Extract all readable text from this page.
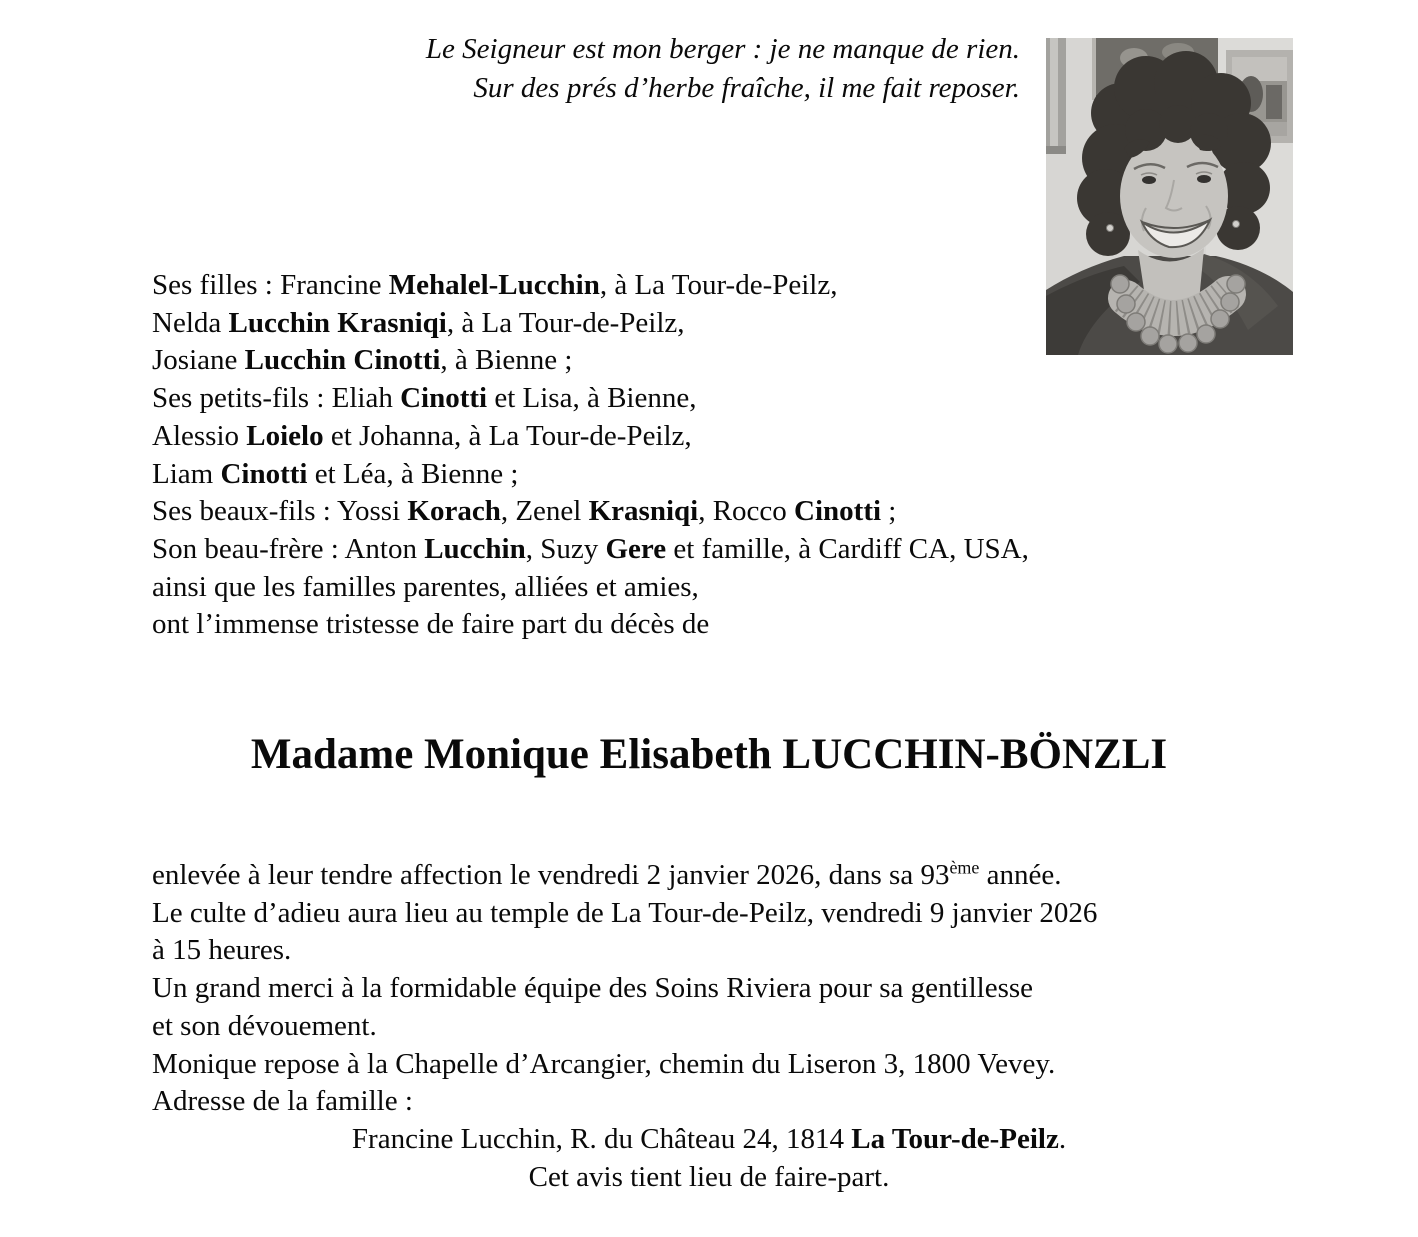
Le Seigneur est mon berger : je ne manque de rien.
Sur des prés d’herbe fraîche, il me fait reposer.
Ses filles : Francine Mehalel-Lucchin, à La Tour-de-Peilz,
Nelda Lucchin Krasniqi, à La Tour-de-Peilz,
Josiane Lucchin Cinotti, à Bienne ;
Ses petits-fils : Eliah Cinotti et Lisa, à Bienne,
Alessio Loielo et Johanna, à La Tour-de-Peilz,
Liam Cinotti et Léa, à Bienne ;
Ses beaux-fils : Yossi Korach, Zenel Krasniqi, Rocco Cinotti ;
Son beau-frère : Anton Lucchin, Suzy Gere et famille, à Cardiff CA, USA,
ainsi que les familles parentes, alliées et amies,
ont l’immense tristesse de faire part du décès de
Madame Monique Elisabeth LUCCHIN-BÖNZLI
enlevée à leur tendre affection le vendredi 2 janvier 2026, dans sa 93ème année.
Le culte d’adieu aura lieu au temple de La Tour-de-Peilz, vendredi 9 janvier 2026
à 15 heures.
Un grand merci à la formidable équipe des Soins Riviera pour sa gentillesse
et son dévouement.
Monique repose à la Chapelle d’Arcangier, chemin du Liseron 3, 1800 Vevey.
Adresse de la famille :
Francine Lucchin, R. du Château 24, 1814 La Tour-de-Peilz.
Cet avis tient lieu de faire-part.
